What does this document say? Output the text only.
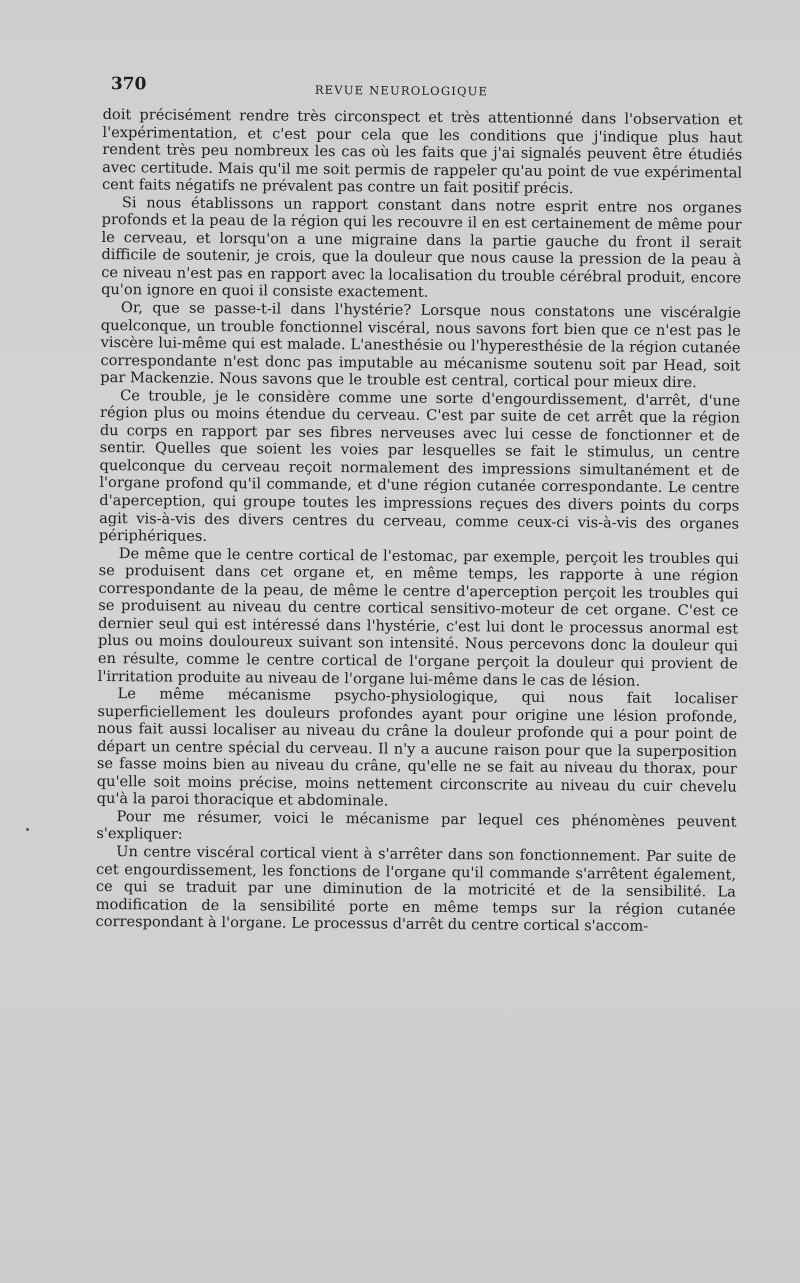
370	REVUE NEUROLOGIQUE

doit précisément rendre très circonspect et très attentionné dans l'observation et l'expérimentation, et c'est pour cela que les conditions que j'indique plus haut rendent très peu nombreux les cas où les faits que j'ai signalés peuvent être étudiés avec certitude. Mais qu'il me soit permis de rappeler qu'au point de vue expérimental cent faits négatifs ne prévalent pas contre un fait positif précis.

Si nous établissons un rapport constant dans notre esprit entre nos organes profonds et la peau de la région qui les recouvre il en est certainement de même pour le cerveau, et lorsqu'on a une migraine dans la partie gauche du front il serait difficile de soutenir, je crois, que la douleur que nous cause la pression de la peau à ce niveau n'est pas en rapport avec la localisation du trouble cérébral produit, encore qu'on ignore en quoi il consiste exactement.

Or, que se passe-t-il dans l'hystérie? Lorsque nous constatons une viscéralgie quelconque, un trouble fonctionnel viscéral, nous savons fort bien que ce n'est pas le viscère lui-même qui est malade. L'anesthésie ou l'hyperesthésie de la région cutanée correspondante n'est donc pas imputable au mécanisme soutenu soit par Head, soit par Mackenzie. Nous savons que le trouble est central, cortical pour mieux dire.

Ce trouble, je le considère comme une sorte d'engourdissement, d'arrêt, d'une région plus ou moins étendue du cerveau. C'est par suite de cet arrêt que la région du corps en rapport par ses fibres nerveuses avec lui cesse de fonctionner et de sentir. Quelles que soient les voies par lesquelles se fait le stimulus, un centre quelconque du cerveau reçoit normalement des impressions simultanément et de l'organe profond qu'il commande, et d'une région cutanée correspondante. Le centre d'aperception, qui groupe toutes les impressions reçues des divers points du corps agit vis-à-vis des divers centres du cerveau, comme ceux-ci vis-à-vis des organes périphériques.

De même que le centre cortical de l'estomac, par exemple, perçoit les troubles qui se produisent dans cet organe et, en même temps, les rapporte à une région correspondante de la peau, de même le centre d'aperception perçoit les troubles qui se produisent au niveau du centre cortical sensitivo-moteur de cet organe. C'est ce dernier seul qui est intéressé dans l'hystérie, c'est lui dont le processus anormal est plus ou moins douloureux suivant son intensité. Nous percevons donc la douleur qui en résulte, comme le centre cortical de l'organe perçoit la douleur qui provient de l'irritation produite au niveau de l'organe lui-même dans le cas de lésion.

Le même mécanisme psycho-physiologique, qui nous fait localiser superficiellement les douleurs profondes ayant pour origine une lésion profonde, nous fait aussi localiser au niveau du crâne la douleur profonde qui a pour point de départ un centre spécial du cerveau. Il n'y a aucune raison pour que la superposition se fasse moins bien au niveau du crâne, qu'elle ne se fait au niveau du thorax, pour qu'elle soit moins précise, moins nettement circonscrite au niveau du cuir chevelu qu'à la paroi thoracique et abdominale.

Pour me résumer, voici le mécanisme par lequel ces phénomènes peuvent s'expliquer:

Un centre viscéral cortical vient à s'arrêter dans son fonctionnement. Par suite de cet engourdissement, les fonctions de l'organe qu'il commande s'arrêtent également, ce qui se traduit par une diminution de la motricité et de la sensibilité. La modification de la sensibilité porte en même temps sur la région cutanée correspondant à l'organe. Le processus d'arrêt du centre cortical s'accom-
